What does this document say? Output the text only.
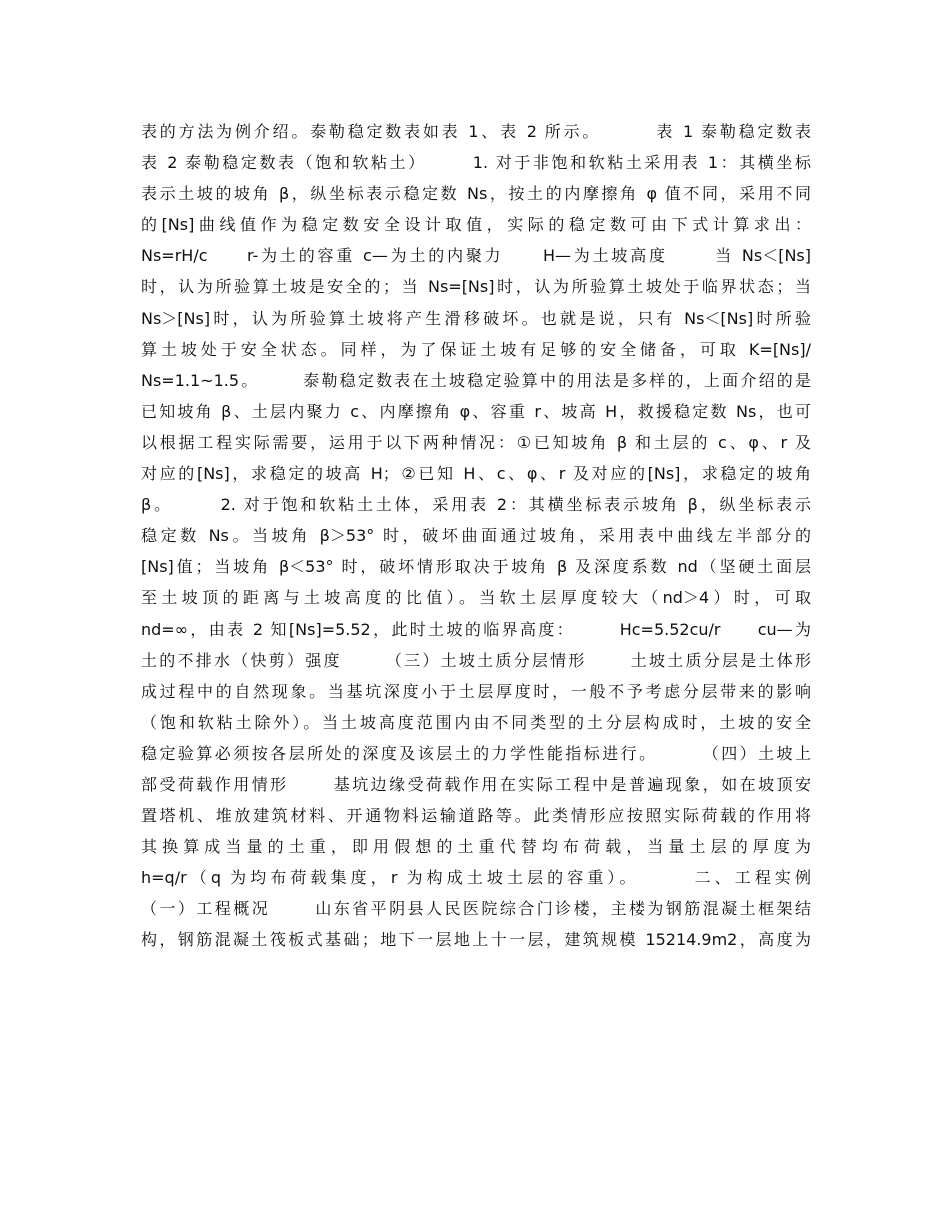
表的方法为例介绍。泰勒稳定数表如表 1、表 2 所示。       表 1 泰勒稳定数表
表 2 泰勒稳定数表（饱和软粘土）      1. 对于非饱和软粘土采用表 1：其横坐标
表示土坡的坡角 β，纵坐标表示稳定数 Ns，按土的内摩擦角 φ 值不同，采用不同
的[Ns]曲线值作为稳定数安全设计取值，实际的稳定数可由下式计算求出：
Ns=rH/c     r-为土的容重 c—为土的内聚力     H—为土坡高度      当 Ns＜[Ns]
时，认为所验算土坡是安全的；当 Ns=[Ns]时，认为所验算土坡处于临界状态；当
Ns＞[Ns]时，认为所验算土坡将产生滑移破坏。也就是说，只有 Ns＜[Ns]时所验
算土坡处于安全状态。同样，为了保证土坡有足够的安全储备，可取 K=[Ns]/
Ns=1.1~1.5。      泰勒稳定数表在土坡稳定验算中的用法是多样的，上面介绍的是
已知坡角 β、土层内聚力 c、内摩擦角 φ、容重 r、坡高 H，救援稳定数 Ns，也可
以根据工程实际需要，运用于以下两种情况：①已知坡角 β 和土层的 c、φ、r 及
对应的[Ns]，求稳定的坡高 H；②已知 H、c、φ、r 及对应的[Ns]，求稳定的坡角
β。      2. 对于饱和软粘土土体，采用表 2：其横坐标表示坡角 β，纵坐标表示
稳定数 Ns。当坡角 β＞53° 时，破坏曲面通过坡角，采用表中曲线左半部分的
[Ns]值；当坡角 β＜53° 时，破坏情形取决于坡角 β 及深度系数 nd（坚硬土面层
至土坡顶的距离与土坡高度的比值）。当软土层厚度较大（nd＞4）时，可取
nd=∞，由表 2 知[Ns]=5.52，此时土坡的临界高度：      Hc=5.52cu/r     cu—为
土的不排水（快剪）强度      （三）土坡土质分层情形      土坡土质分层是土体形
成过程中的自然现象。当基坑深度小于土层厚度时，一般不予考虑分层带来的影响
（饱和软粘土除外）。当土坡高度范围内由不同类型的土分层构成时，土坡的安全
稳定验算必须按各层所处的深度及该层土的力学性能指标进行。      （四）土坡上
部受荷载作用情形      基坑边缘受荷载作用在实际工程中是普遍现象，如在坡顶安
置塔机、堆放建筑材料、开通物料运输道路等。此类情形应按照实际荷载的作用将
其换算成当量的土重，即用假想的土重代替均布荷载，当量土层的厚度为
h=q/r（q 为均布荷载集度，r 为构成土坡土层的容重）。      二、工程实例
（一）工程概况      山东省平阴县人民医院综合门诊楼，主楼为钢筋混凝土框架结
构，钢筋混凝土筏板式基础；地下一层地上十一层，建筑规模 15214.9m2，高度为
